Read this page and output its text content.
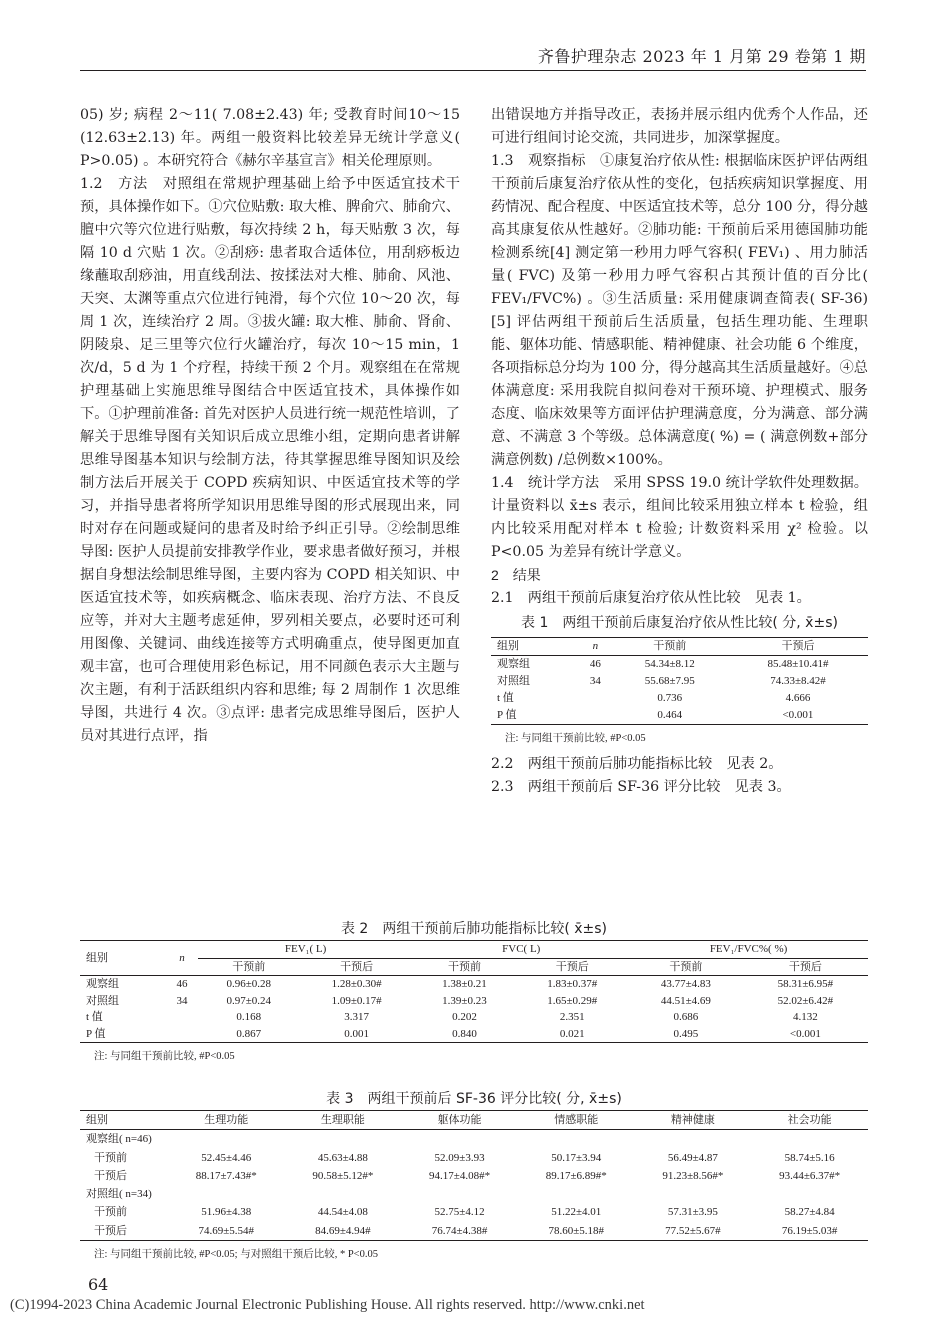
齐鲁护理杂志 2023 年 1 月第 29 卷第 1 期

05) 岁; 病程 2～11( 7.08±2.43) 年; 受教育时间10～15 (12.63±2.13) 年。两组一般资料比较差异无统计学意义( P>0.05) 。本研究符合《赫尔辛基宣言》相关伦理原则。

1.2　方法　对照组在常规护理基础上给予中医适宜技术干预，具体操作如下。①穴位贴敷: 取大椎、脾俞穴、肺俞穴、膻中穴等穴位进行贴敷，每次持续 2 h，每天贴敷 3 次，每隔 10 d 穴贴 1 次。②刮痧: 患者取合适体位，用刮痧板边缘蘸取刮痧油，用直线刮法、按揉法对大椎、肺俞、风池、天突、太渊等重点穴位进行钝滑，每个穴位 10～20 次，每周 1 次，连续治疗 2 周。③拔火罐: 取大椎、肺俞、肾俞、阴陵泉、足三里等穴位行火罐治疗，每次 10～15 min，1 次/d，5 d 为 1 个疗程，持续干预 2 个月。观察组在在常规护理基础上实施思维导图结合中医适宜技术，具体操作如下。①护理前准备: 首先对医护人员进行统一规范性培训，了解关于思维导图有关知识后成立思维小组，定期向患者讲解思维导图基本知识与绘制方法，待其掌握思维导图知识及绘制方法后开展关于 COPD 疾病知识、中医适宜技术等的学习，并指导患者将所学知识用思维导图的形式展现出来，同时对存在问题或疑问的患者及时给予纠正引导。②绘制思维导图: 医护人员提前安排教学作业，要求患者做好预习，并根据自身想法绘制思维导图，主要内容为 COPD 相关知识、中医适宜技术等，如疾病概念、临床表现、治疗方法、不良反应等，并对大主题考虑延伸，罗列相关要点，必要时还可利用图像、关键词、曲线连接等方式明确重点，使导图更加直观丰富，也可合理使用彩色标记，用不同颜色表示大主题与次主题，有利于活跃组织内容和思维; 每 2 周制作 1 次思维导图，共进行 4 次。③点评: 患者完成思维导图后，医护人员对其进行点评，指

出错误地方并指导改正，表扬并展示组内优秀个人作品，还可进行组间讨论交流，共同进步，加深掌握度。

1.3　观察指标　①康复治疗依从性: 根据临床医护评估两组干预前后康复治疗依从性的变化，包括疾病知识掌握度、用药情况、配合程度、中医适宜技术等，总分 100 分，得分越高其康复依从性越好。②肺功能: 干预前后采用德国肺功能检测系统[4] 测定第一秒用力呼气容积( FEV₁) 、用力肺活量( FVC) 及第一秒用力呼气容积占其预计值的百分比( FEV₁/FVC%) 。③生活质量: 采用健康调查简表( SF-36) [5] 评估两组干预前后生活质量，包括生理功能、生理职能、躯体功能、情感职能、精神健康、社会功能 6 个维度，各项指标总分均为 100 分，得分越高其生活质量越好。④总体满意度: 采用我院自拟问卷对干预环境、护理模式、服务态度、临床效果等方面评估护理满意度，分为满意、部分满意、不满意 3 个等级。总体满意度( %) = ( 满意例数+部分满意例数) /总例数×100%。

1.4　统计学方法　采用 SPSS 19.0 统计学软件处理数据。计量资料以 x̄±s 表示，组间比较采用独立样本 t 检验，组内比较采用配对样本 t 检验; 计数资料采用 χ² 检验。以 P<0.05 为差异有统计学意义。

2　结果

2.1　两组干预前后康复治疗依从性比较　见表 1。

表 1　两组干预前后康复治疗依从性比较( 分, x̄±s)
组别	n	干预前	干预后
观察组	46	54.34±8.12	85.48±10.41#
对照组	34	55.68±7.95	74.33±8.42#
t 值		0.736	4.666
P 值		0.464	<0.001
注: 与同组干预前比较, #P<0.05

2.2　两组干预前后肺功能指标比较　见表 2。

2.3　两组干预前后 SF-36 评分比较　见表 3。

表 2　两组干预前后肺功能指标比较( x̄±s)
组别	n	FEV₁( L)		FVC( L)		FEV₁/FVC%( %)	
		干预前	干预后	干预前	干预后	干预前	干预后
观察组	46	0.96±0.28	1.28±0.30#	1.38±0.21	1.83±0.37#	43.77±4.83	58.31±6.95#
对照组	34	0.97±0.24	1.09±0.17#	1.39±0.23	1.65±0.29#	44.51±4.69	52.02±6.42#
t 值		0.168	3.317	0.202	2.351	0.686	4.132
P 值		0.867	0.001	0.840	0.021	0.495	<0.001
注: 与同组干预前比较, #P<0.05
表 3　两组干预前后 SF-36 评分比较( 分, x̄±s)
组别	生理功能	生理职能	躯体功能	情感职能	精神健康	社会功能
观察组( n=46)						
干预前	52.45±4.46	45.63±4.88	52.09±3.93	50.17±3.94	56.49±4.87	58.74±5.16
干预后	88.17±7.43#*	90.58±5.12#*	94.17±4.08#*	89.17±6.89#*	91.23±8.56#*	93.44±6.37#*
对照组( n=34)						
干预前	51.96±4.38	44.54±4.08	52.75±4.12	51.22±4.01	57.31±3.95	58.27±4.84
干预后	74.69±5.54#	84.69±4.94#	76.74±4.38#	78.60±5.18#	77.52±5.67#	76.19±5.03#
注: 与同组干预前比较, #P<0.05; 与对照组干预后比较, * P<0.05
64
(C)1994-2023 China Academic Journal Electronic Publishing House. All rights reserved. http://www.cnki.net
